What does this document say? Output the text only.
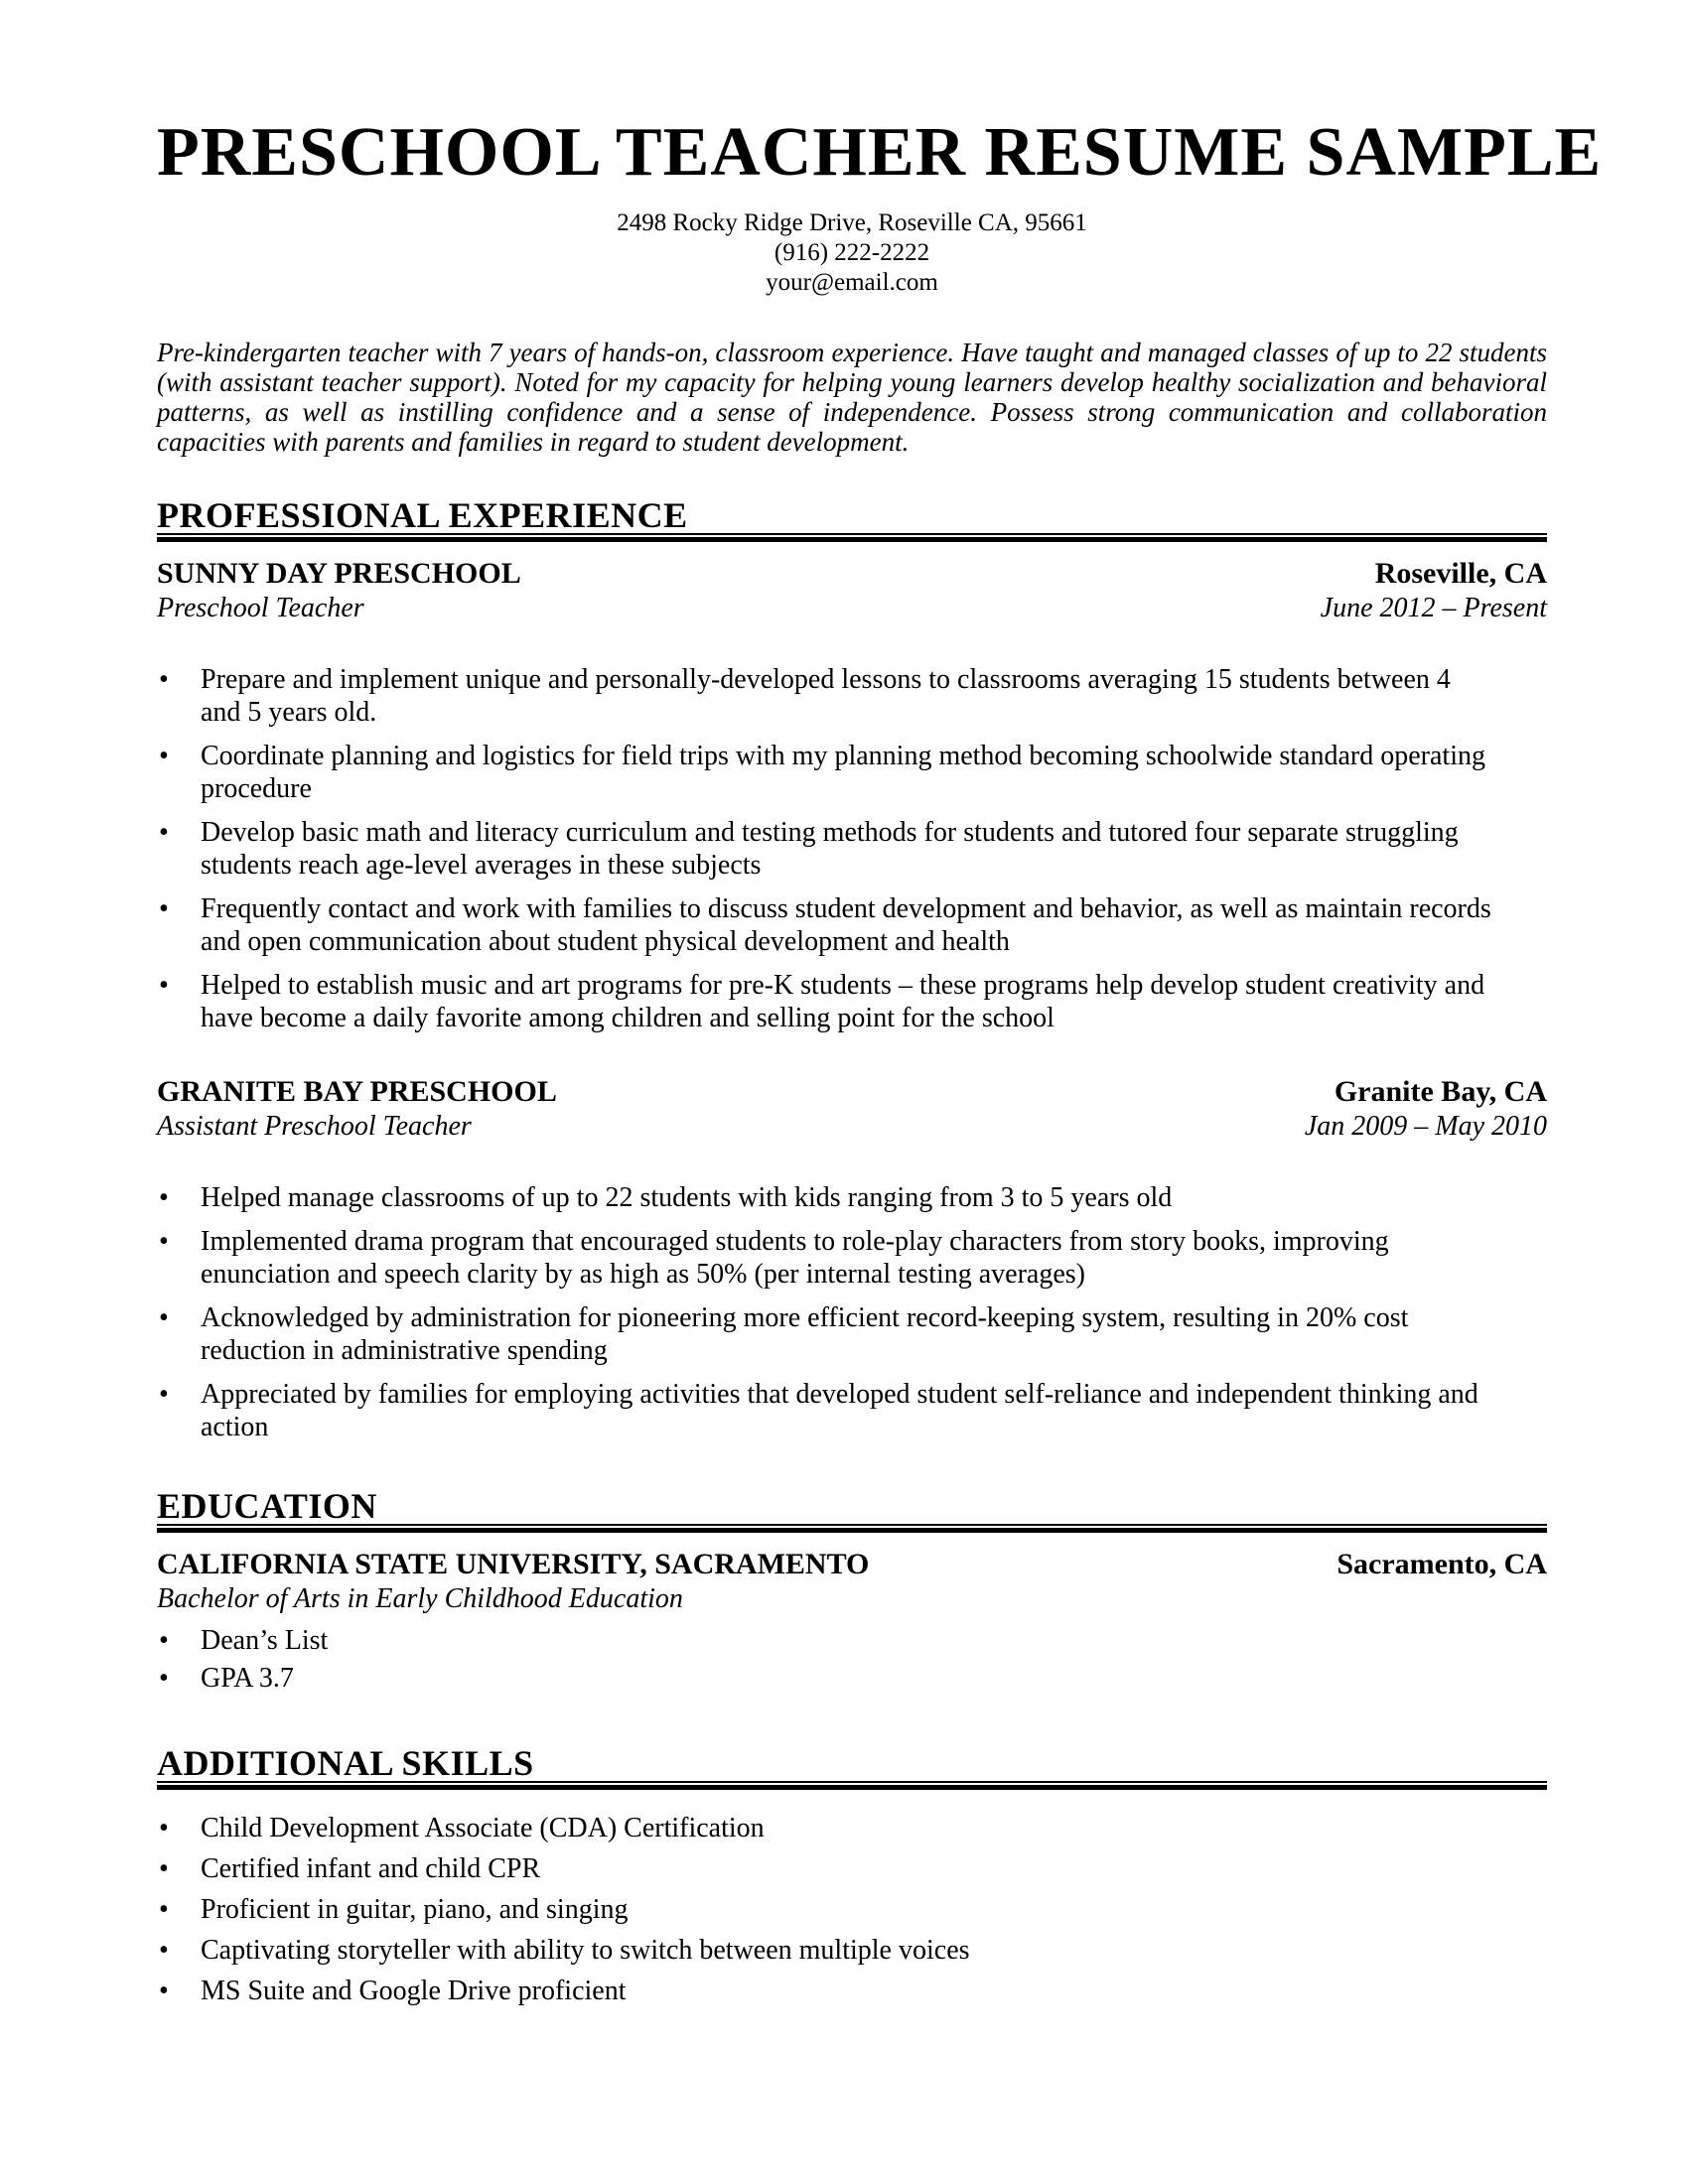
PRESCHOOL TEACHER RESUME SAMPLE
2498 Rocky Ridge Drive, Roseville CA, 95661
(916) 222-2222
your@email.com

Pre-kindergarten teacher with 7 years of hands-on, classroom experience. Have taught and managed classes of up to 22 students (with assistant teacher support). Noted for my capacity for helping young learners develop healthy socialization and behavioral patterns, as well as instilling confidence and a sense of independence. Possess strong communication and collaboration capacities with parents and families in regard to student development.

PROFESSIONAL EXPERIENCE
SUNNY DAY PRESCHOOL	Roseville, CA
Preschool Teacher	June 2012 – Present
• Prepare and implement unique and personally-developed lessons to classrooms averaging 15 students between 4 and 5 years old.
• Coordinate planning and logistics for field trips with my planning method becoming schoolwide standard operating procedure
• Develop basic math and literacy curriculum and testing methods for students and tutored four separate struggling students reach age-level averages in these subjects
• Frequently contact and work with families to discuss student development and behavior, as well as maintain records and open communication about student physical development and health
• Helped to establish music and art programs for pre-K students – these programs help develop student creativity and have become a daily favorite among children and selling point for the school
GRANITE BAY PRESCHOOL	Granite Bay, CA
Assistant Preschool Teacher	Jan 2009 – May 2010
• Helped manage classrooms of up to 22 students with kids ranging from 3 to 5 years old
• Implemented drama program that encouraged students to role-play characters from story books, improving enunciation and speech clarity by as high as 50% (per internal testing averages)
• Acknowledged by administration for pioneering more efficient record-keeping system, resulting in 20% cost reduction in administrative spending
• Appreciated by families for employing activities that developed student self-reliance and independent thinking and action
EDUCATION
CALIFORNIA STATE UNIVERSITY, SACRAMENTO	Sacramento, CA
Bachelor of Arts in Early Childhood Education
• Dean’s List
• GPA 3.7
ADDITIONAL SKILLS
• Child Development Associate (CDA) Certification
• Certified infant and child CPR
• Proficient in guitar, piano, and singing
• Captivating storyteller with ability to switch between multiple voices
• MS Suite and Google Drive proficient
